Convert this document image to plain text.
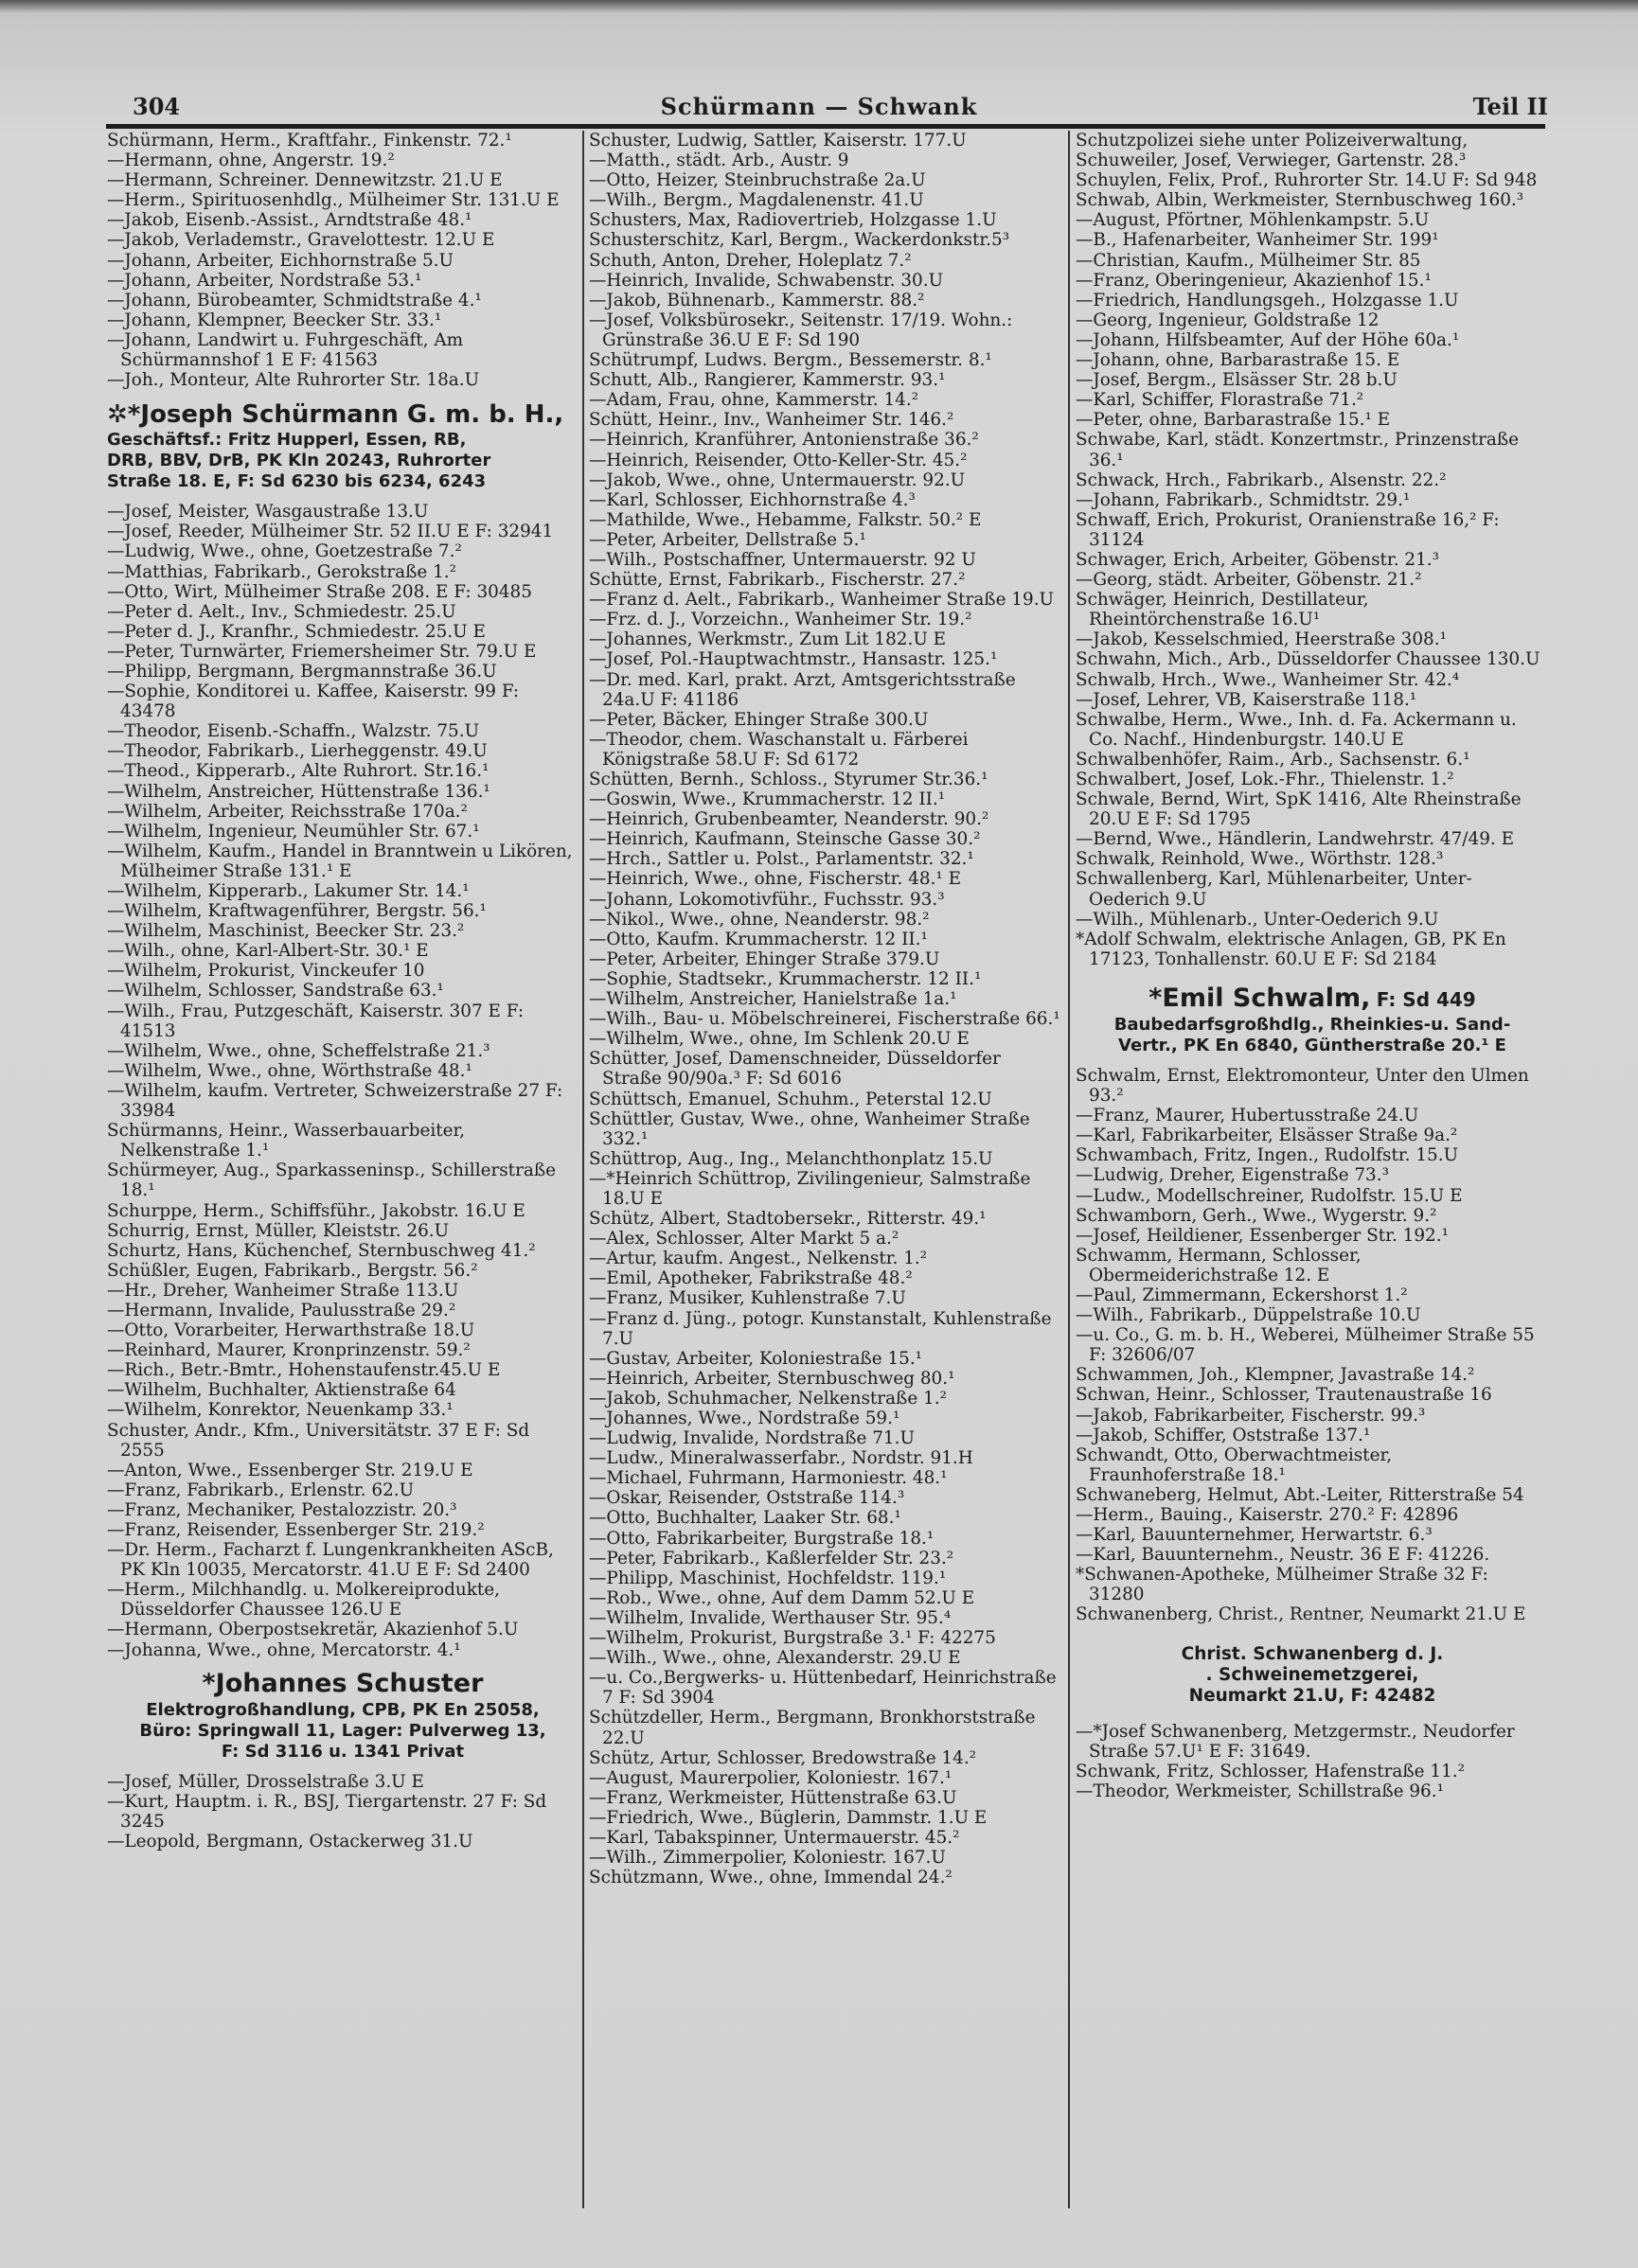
304	Schürmann — Schwank	Teil II
Schürmann, Herm., Kraftfahr., Finkenstr. 72.¹
—Hermann, ohne, Angerstr. 19.²
—Hermann, Schreiner. Dennewitzstr. 21.U E
—Herm., Spirituosenhdlg., Mülheimer Str. 131.U E
—Jakob, Eisenb.-Assist., Arndtstraße 48.¹
—Jakob, Verlademstr., Gravelottestr. 12.U E
—Johann, Arbeiter, Eichhornstraße 5.U
—Johann, Arbeiter, Nordstraße 53.¹
—Johann, Bürobeamter, Schmidtstraße 4.¹
—Johann, Klempner, Beecker Str. 33.¹
—Johann, Landwirt u. Fuhrgeschäft, Am Schürmannshof 1 E F: 41563
—Joh., Monteur, Alte Ruhrorter Str. 18a.U
✲*Joseph Schürmann G. m. b. H.,
Geschäftsf.: Fritz Hupperl, Essen, RB,
DRB, BBV, DrB, PK Kln 20243, Ruhrorter
Straße 18. E, F: Sd 6230 bis 6234, 6243
—Josef, Meister, Wasgaustraße 13.U
—Josef, Reeder, Mülheimer Str. 52 II.U E F: 32941
—Ludwig, Wwe., ohne, Goetzestraße 7.²
—Matthias, Fabrikarb., Gerokstraße 1.²
—Otto, Wirt, Mülheimer Straße 208. E F: 30485
—Peter d. Aelt., Inv., Schmiedestr. 25.U
—Peter d. J., Kranfhr., Schmiedestr. 25.U E
—Peter, Turnwärter, Friemersheimer Str. 79.U E
—Philipp, Bergmann, Bergmannstraße 36.U
—Sophie, Konditorei u. Kaffee, Kaiserstr. 99 F: 43478
—Theodor, Eisenb.-Schaffn., Walzstr. 75.U
—Theodor, Fabrikarb., Lierheggenstr. 49.U
—Theod., Kipperarb., Alte Ruhrort. Str.16.¹
—Wilhelm, Anstreicher, Hüttenstraße 136.¹
—Wilhelm, Arbeiter, Reichsstraße 170a.²
—Wilhelm, Ingenieur, Neumühler Str. 67.¹
—Wilhelm, Kaufm., Handel in Branntwein u Likören, Mülheimer Straße 131.¹ E
—Wilhelm, Kipperarb., Lakumer Str. 14.¹
—Wilhelm, Kraftwagenführer, Bergstr. 56.¹
—Wilhelm, Maschinist, Beecker Str. 23.²
—Wilh., ohne, Karl-Albert-Str. 30.¹ E
—Wilhelm, Prokurist, Vinckeufer 10
—Wilhelm, Schlosser, Sandstraße 63.¹
—Wilh., Frau, Putzgeschäft, Kaiserstr. 307 E F: 41513
—Wilhelm, Wwe., ohne, Scheffelstraße 21.³
—Wilhelm, Wwe., ohne, Wörthstraße 48.¹
—Wilhelm, kaufm. Vertreter, Schweizerstraße 27 F: 33984
Schürmanns, Heinr., Wasserbauarbeiter, Nelkenstraße 1.¹
Schürmeyer, Aug., Sparkasseninsp., Schillerstraße 18.¹
Schurppe, Herm., Schiffsführ., Jakobstr. 16.U E
Schurrig, Ernst, Müller, Kleiststr. 26.U
Schurtz, Hans, Küchenchef, Sternbuschweg 41.²
Schüßler, Eugen, Fabrikarb., Bergstr. 56.²
—Hr., Dreher, Wanheimer Straße 113.U
—Hermann, Invalide, Paulusstraße 29.²
—Otto, Vorarbeiter, Herwarthstraße 18.U
—Reinhard, Maurer, Kronprinzenstr. 59.²
—Rich., Betr.-Bmtr., Hohenstaufenstr.45.U E
—Wilhelm, Buchhalter, Aktienstraße 64
—Wilhelm, Konrektor, Neuenkamp 33.¹
Schuster, Andr., Kfm., Universitätstr. 37 E F: Sd 2555
—Anton, Wwe., Essenberger Str. 219.U E
—Franz, Fabrikarb., Erlenstr. 62.U
—Franz, Mechaniker, Pestalozzistr. 20.³
—Franz, Reisender, Essenberger Str. 219.²
—Dr. Herm., Facharzt f. Lungenkrankheiten AScB, PK Kln 10035, Mercatorstr. 41.U E F: Sd 2400
—Herm., Milchhandlg. u. Molkereiprodukte, Düsseldorfer Chaussee 126.U E
—Hermann, Oberpostsekretär, Akazienhof 5.U
—Johanna, Wwe., ohne, Mercatorstr. 4.¹
*Johannes Schuster
Elektrogroßhandlung, CPB, PK En 25058,
Büro: Springwall 11, Lager: Pulverweg 13,
F: Sd 3116 u. 1341 Privat
—Josef, Müller, Drosselstraße 3.U E
—Kurt, Hauptm. i. R., BSJ, Tiergartenstr. 27 F: Sd 3245
—Leopold, Bergmann, Ostackerweg 31.U
Schuster, Ludwig, Sattler, Kaiserstr. 177.U
—Matth., städt. Arb., Austr. 9
—Otto, Heizer, Steinbruchstraße 2a.U
—Wilh., Bergm., Magdalenenstr. 41.U
Schusters, Max, Radiovertrieb, Holzgasse 1.U
Schusterschitz, Karl, Bergm., Wackerdonkstr.5³
Schuth, Anton, Dreher, Holeplatz 7.²
—Heinrich, Invalide, Schwabenstr. 30.U
—Jakob, Bühnenarb., Kammerstr. 88.²
—Josef, Volksbürosekr., Seitenstr. 17/19. Wohn.: Grünstraße 36.U E F: Sd 190
Schütrumpf, Ludws. Bergm., Bessemerstr. 8.¹
Schutt, Alb., Rangierer, Kammerstr. 93.¹
—Adam, Frau, ohne, Kammerstr. 14.²
Schütt, Heinr., Inv., Wanheimer Str. 146.²
—Heinrich, Kranführer, Antonienstraße 36.²
—Heinrich, Reisender, Otto-Keller-Str. 45.²
—Jakob, Wwe., ohne, Untermauerstr. 92.U
—Karl, Schlosser, Eichhornstraße 4.³
—Mathilde, Wwe., Hebamme, Falkstr. 50.² E
—Peter, Arbeiter, Dellstraße 5.¹
—Wilh., Postschaffner, Untermauerstr. 92 U
Schütte, Ernst, Fabrikarb., Fischerstr. 27.²
—Franz d. Aelt., Fabrikarb., Wanheimer Straße 19.U
—Frz. d. J., Vorzeichn., Wanheimer Str. 19.²
—Johannes, Werkmstr., Zum Lit 182.U E
—Josef, Pol.-Hauptwachtmstr., Hansastr. 125.¹
—Dr. med. Karl, prakt. Arzt, Amtsgerichtsstraße 24a.U F: 41186
—Peter, Bäcker, Ehinger Straße 300.U
—Theodor, chem. Waschanstalt u. Färberei Königstraße 58.U F: Sd 6172
Schütten, Bernh., Schloss., Styrumer Str.36.¹
—Goswin, Wwe., Krummacherstr. 12 II.¹
—Heinrich, Grubenbeamter, Neanderstr. 90.²
—Heinrich, Kaufmann, Steinsche Gasse 30.²
—Hrch., Sattler u. Polst., Parlamentstr. 32.¹
—Heinrich, Wwe., ohne, Fischerstr. 48.¹ E
—Johann, Lokomotivführ., Fuchsstr. 93.³
—Nikol., Wwe., ohne, Neanderstr. 98.²
—Otto, Kaufm. Krummacherstr. 12 II.¹
—Peter, Arbeiter, Ehinger Straße 379.U
—Sophie, Stadtsekr., Krummacherstr. 12 II.¹
—Wilhelm, Anstreicher, Hanielstraße 1a.¹
—Wilh., Bau- u. Möbelschreinerei, Fischerstraße 66.¹
—Wilhelm, Wwe., ohne, Im Schlenk 20.U E
Schütter, Josef, Damenschneider, Düsseldorfer Straße 90/90a.³ F: Sd 6016
Schüttsch, Emanuel, Schuhm., Peterstal 12.U
Schüttler, Gustav, Wwe., ohne, Wanheimer Straße 332.¹
Schüttrop, Aug., Ing., Melanchthonplatz 15.U
—*Heinrich Schüttrop, Zivilingenieur, Salmstraße 18.U E
Schütz, Albert, Stadtobersekr., Ritterstr. 49.¹
—Alex, Schlosser, Alter Markt 5 a.²
—Artur, kaufm. Angest., Nelkenstr. 1.²
—Emil, Apotheker, Fabrikstraße 48.²
—Franz, Musiker, Kuhlenstraße 7.U
—Franz d. Jüng., potogr. Kunstanstalt, Kuhlenstraße 7.U
—Gustav, Arbeiter, Koloniestraße 15.¹
—Heinrich, Arbeiter, Sternbuschweg 80.¹
—Jakob, Schuhmacher, Nelkenstraße 1.²
—Johannes, Wwe., Nordstraße 59.¹
—Ludwig, Invalide, Nordstraße 71.U
—Ludw., Mineralwasserfabr., Nordstr. 91.H
—Michael, Fuhrmann, Harmoniestr. 48.¹
—Oskar, Reisender, Oststraße 114.³
—Otto, Buchhalter, Laaker Str. 68.¹
—Otto, Fabrikarbeiter, Burgstraße 18.¹
—Peter, Fabrikarb., Kaßlerfelder Str. 23.²
—Philipp, Maschinist, Hochfeldstr. 119.¹
—Rob., Wwe., ohne, Auf dem Damm 52.U E
—Wilhelm, Invalide, Werthauser Str. 95.⁴
—Wilhelm, Prokurist, Burgstraße 3.¹ F: 42275
—Wilh., Wwe., ohne, Alexanderstr. 29.U E
—u. Co.,Bergwerks- u. Hüttenbedarf, Heinrichstraße 7 F: Sd 3904
Schützdeller, Herm., Bergmann, Bronkhorststraße 22.U
Schütz, Artur, Schlosser, Bredowstraße 14.²
—August, Maurerpolier, Koloniestr. 167.¹
—Franz, Werkmeister, Hüttenstraße 63.U
—Friedrich, Wwe., Büglerin, Dammstr. 1.U E
—Karl, Tabakspinner, Untermauerstr. 45.²
—Wilh., Zimmerpolier, Koloniestr. 167.U
Schützmann, Wwe., ohne, Immendal 24.²
Schutzpolizei siehe unter Polizeiverwaltung,
Schuweiler, Josef, Verwieger, Gartenstr. 28.³
Schuylen, Felix, Prof., Ruhrorter Str. 14.U F: Sd 948
Schwab, Albin, Werkmeister, Sternbuschweg 160.³
—August, Pförtner, Möhlenkampstr. 5.U
—B., Hafenarbeiter, Wanheimer Str. 199¹
—Christian, Kaufm., Mülheimer Str. 85
—Franz, Oberingenieur, Akazienhof 15.¹
—Friedrich, Handlungsgeh., Holzgasse 1.U
—Georg, Ingenieur, Goldstraße 12
—Johann, Hilfsbeamter, Auf der Höhe 60a.¹
—Johann, ohne, Barbarastraße 15. E
—Josef, Bergm., Elsässer Str. 28 b.U
—Karl, Schiffer, Florastraße 71.²
—Peter, ohne, Barbarastraße 15.¹ E
Schwabe, Karl, städt. Konzertmstr., Prinzenstraße 36.¹
Schwack, Hrch., Fabrikarb., Alsenstr. 22.²
—Johann, Fabrikarb., Schmidtstr. 29.¹
Schwaff, Erich, Prokurist, Oranienstraße 16,² F: 31124
Schwager, Erich, Arbeiter, Göbenstr. 21.³
—Georg, städt. Arbeiter, Göbenstr. 21.²
Schwäger, Heinrich, Destillateur, Rheintörchenstraße 16.U¹
—Jakob, Kesselschmied, Heerstraße 308.¹
Schwahn, Mich., Arb., Düsseldorfer Chaussee 130.U
Schwalb, Hrch., Wwe., Wanheimer Str. 42.⁴
—Josef, Lehrer, VB, Kaiserstraße 118.¹
Schwalbe, Herm., Wwe., Inh. d. Fa. Ackermann u. Co. Nachf., Hindenburgstr. 140.U E
Schwalbenhöfer, Raim., Arb., Sachsenstr. 6.¹
Schwalbert, Josef, Lok.-Fhr., Thielenstr. 1.²
Schwale, Bernd, Wirt, SpK 1416, Alte Rheinstraße 20.U E F: Sd 1795
—Bernd, Wwe., Händlerin, Landwehrstr. 47/49. E
Schwalk, Reinhold, Wwe., Wörthstr. 128.³
Schwallenberg, Karl, Mühlenarbeiter, Unter-Oederich 9.U
—Wilh., Mühlenarb., Unter-Oederich 9.U
*Adolf Schwalm, elektrische Anlagen, GB, PK En 17123, Tonhallenstr. 60.U E F: Sd 2184
*Emil Schwalm, F: Sd 449
Baubedarfsgroßhdlg., Rheinkies-u. Sand-
Vertr., PK En 6840, Güntherstraße 20.¹ E
Schwalm, Ernst, Elektromonteur, Unter den Ulmen 93.²
—Franz, Maurer, Hubertusstraße 24.U
—Karl, Fabrikarbeiter, Elsässer Straße 9a.²
Schwambach, Fritz, Ingen., Rudolfstr. 15.U
—Ludwig, Dreher, Eigenstraße 73.³
—Ludw., Modellschreiner, Rudolfstr. 15.U E
Schwamborn, Gerh., Wwe., Wygerstr. 9.²
—Josef, Heildiener, Essenberger Str. 192.¹
Schwamm, Hermann, Schlosser, Obermeiderichstraße 12. E
—Paul, Zimmermann, Eckershorst 1.²
—Wilh., Fabrikarb., Düppelstraße 10.U
—u. Co., G. m. b. H., Weberei, Mülheimer Straße 55 F: 32606/07
Schwammen, Joh., Klempner, Javastraße 14.²
Schwan, Heinr., Schlosser, Trautenaustraße 16
—Jakob, Fabrikarbeiter, Fischerstr. 99.³
—Jakob, Schiffer, Oststraße 137.¹
Schwandt, Otto, Oberwachtmeister, Fraunhoferstraße 18.¹
Schwaneberg, Helmut, Abt.-Leiter, Ritterstraße 54
—Herm., Bauing., Kaiserstr. 270.² F: 42896
—Karl, Bauunternehmer, Herwartstr. 6.³
—Karl, Bauunternehm., Neustr. 36 E F: 41226.
*Schwanen-Apotheke, Mülheimer Straße 32 F: 31280
Schwanenberg, Christ., Rentner, Neumarkt 21.U E
Christ. Schwanenberg d. J.
. Schweinemetzgerei,
Neumarkt 21.U, F: 42482
—*Josef Schwanenberg, Metzgermstr., Neudorfer Straße 57.U¹ E F: 31649.
Schwank, Fritz, Schlosser, Hafenstraße 11.²
—Theodor, Werkmeister, Schillstraße 96.¹
